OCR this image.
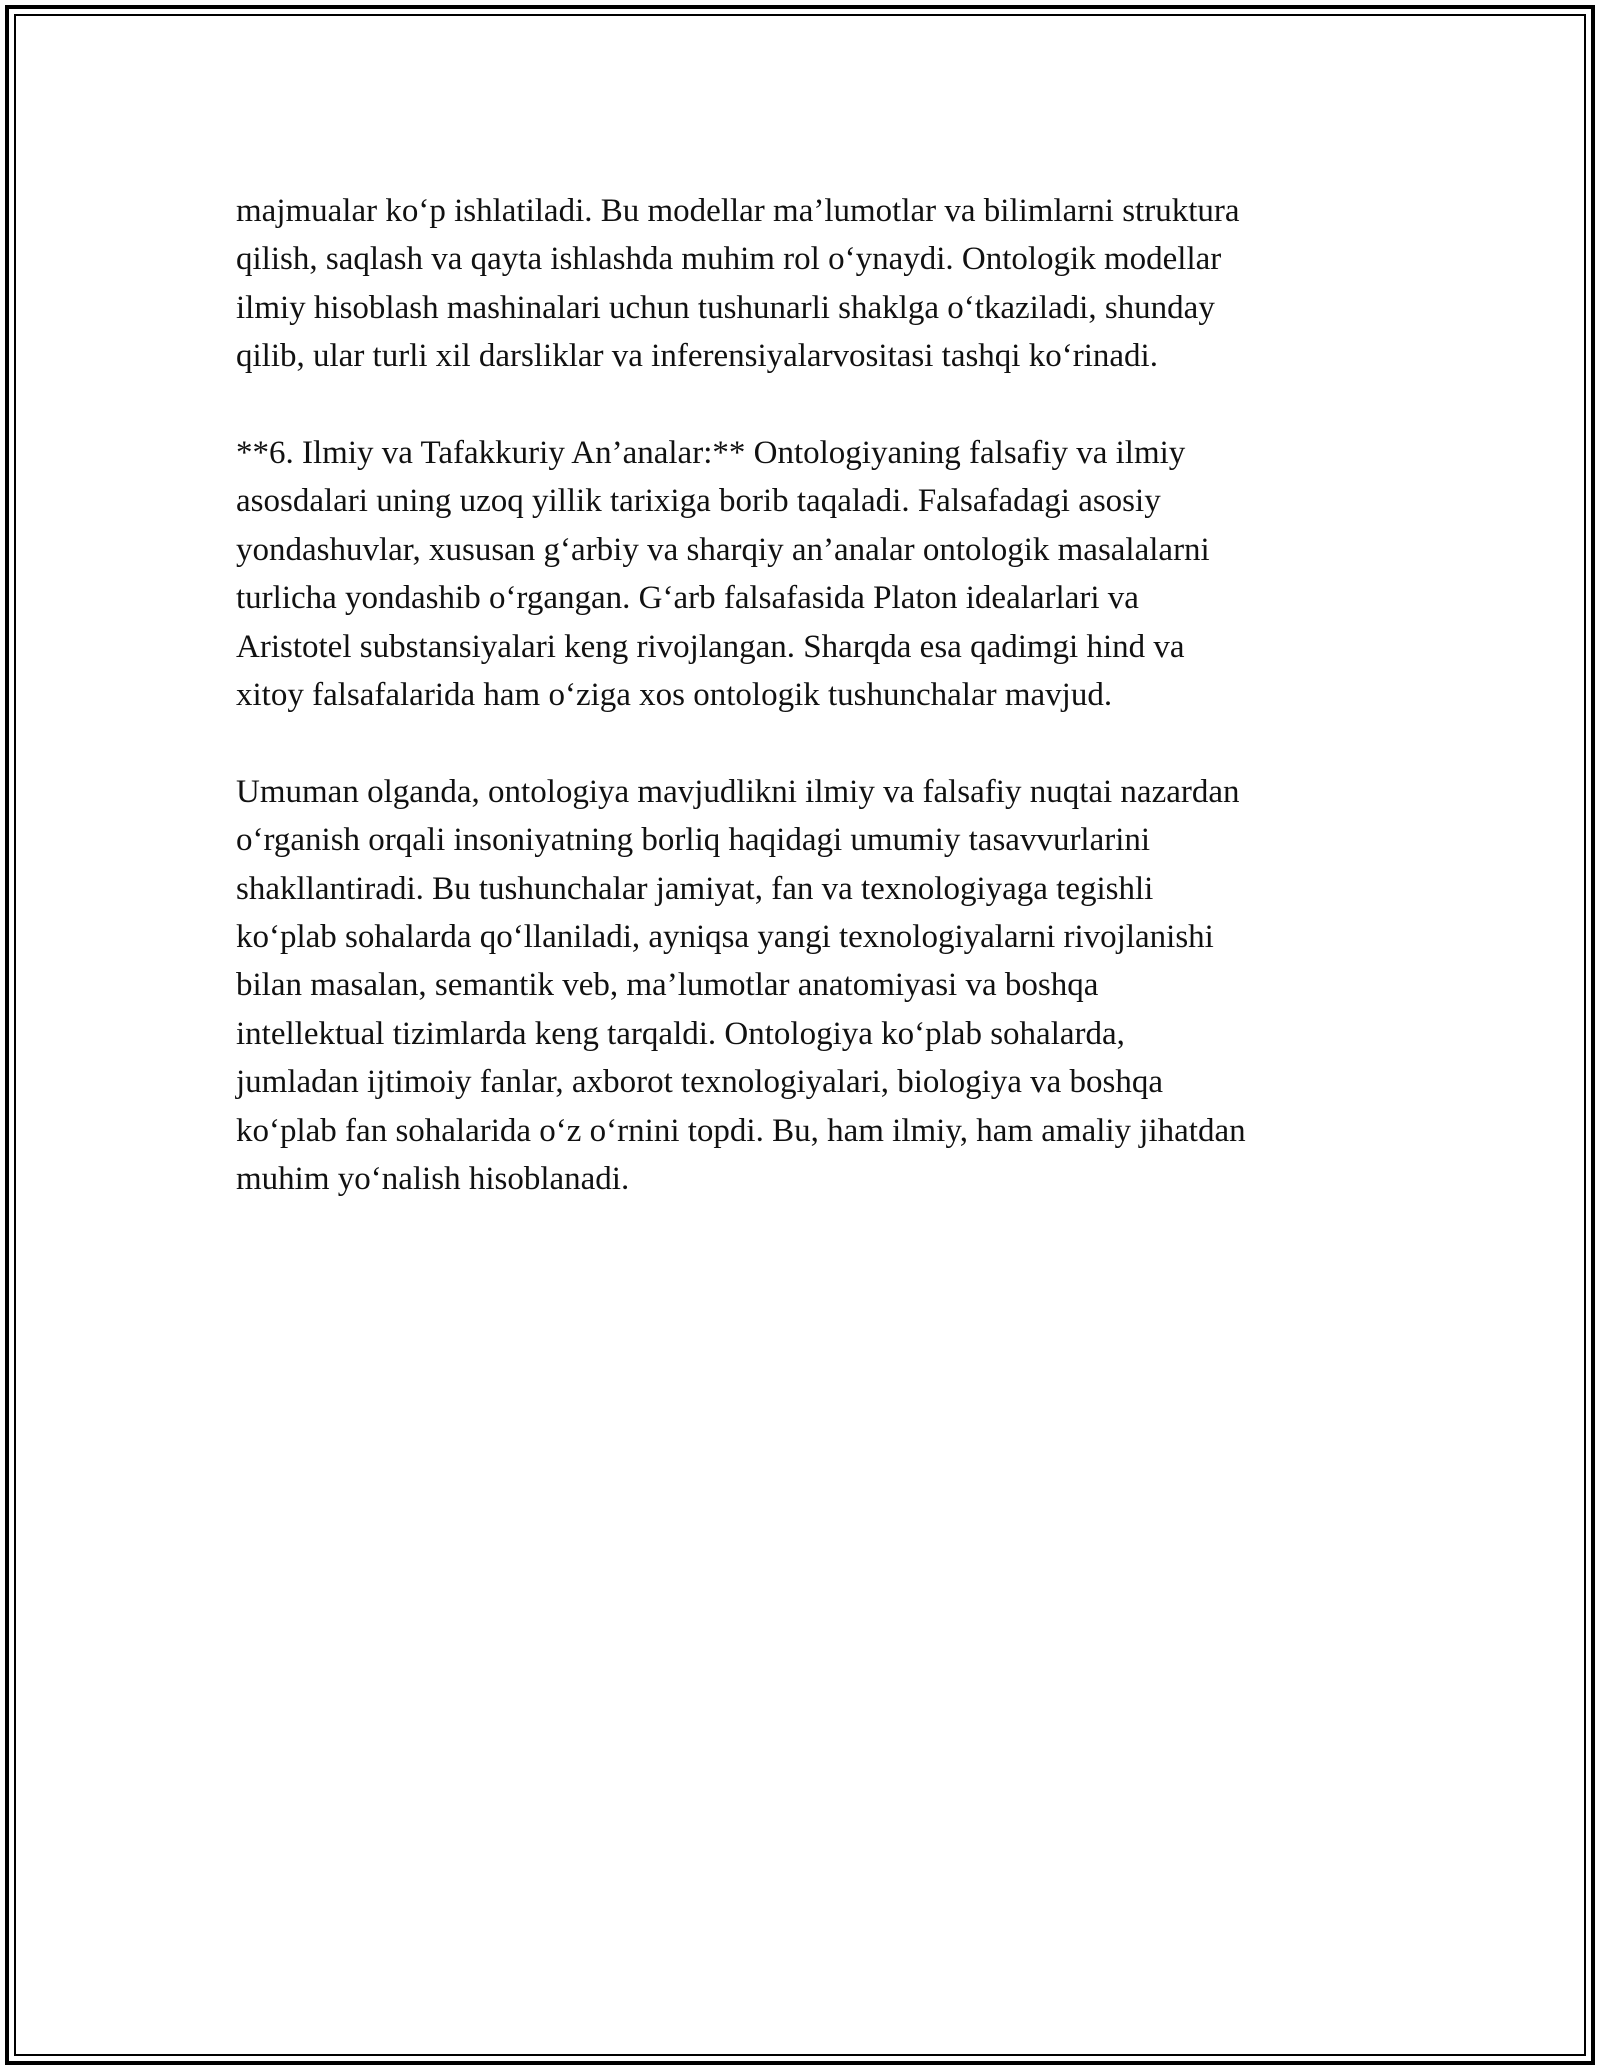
majmualar ko‘p ishlatiladi. Bu modellar ma’lumotlar va bilimlarni struktura
qilish, saqlash va qayta ishlashda muhim rol o‘ynaydi. Ontologik modellar
ilmiy hisoblash mashinalari uchun tushunarli shaklga o‘tkaziladi, shunday
qilib, ular turli xil darsliklar va inferensiyalarvositasi tashqi ko‘rinadi.

**6. Ilmiy va Tafakkuriy An’analar:** Ontologiyaning falsafiy va ilmiy
asosdalari uning uzoq yillik tarixiga borib taqaladi. Falsafadagi asosiy
yondashuvlar, xususan g‘arbiy va sharqiy an’analar ontologik masalalarni
turlicha yondashib o‘rgangan. G‘arb falsafasida Platon idealarlari va
Aristotel substansiyalari keng rivojlangan. Sharqda esa qadimgi hind va
xitoy falsafalarida ham o‘ziga xos ontologik tushunchalar mavjud.

Umuman olganda, ontologiya mavjudlikni ilmiy va falsafiy nuqtai nazardan
o‘rganish orqali insoniyatning borliq haqidagi umumiy tasavvurlarini
shakllantiradi. Bu tushunchalar jamiyat, fan va texnologiyaga tegishli
ko‘plab sohalarda qo‘llaniladi, ayniqsa yangi texnologiyalarni rivojlanishi
bilan masalan, semantik veb, ma’lumotlar anatomiyasi va boshqa
intellektual tizimlarda keng tarqaldi. Ontologiya ko‘plab sohalarda,
jumladan ijtimoiy fanlar, axborot texnologiyalari, biologiya va boshqa
ko‘plab fan sohalarida o‘z o‘rnini topdi. Bu, ham ilmiy, ham amaliy jihatdan
muhim yo‘nalish hisoblanadi.
